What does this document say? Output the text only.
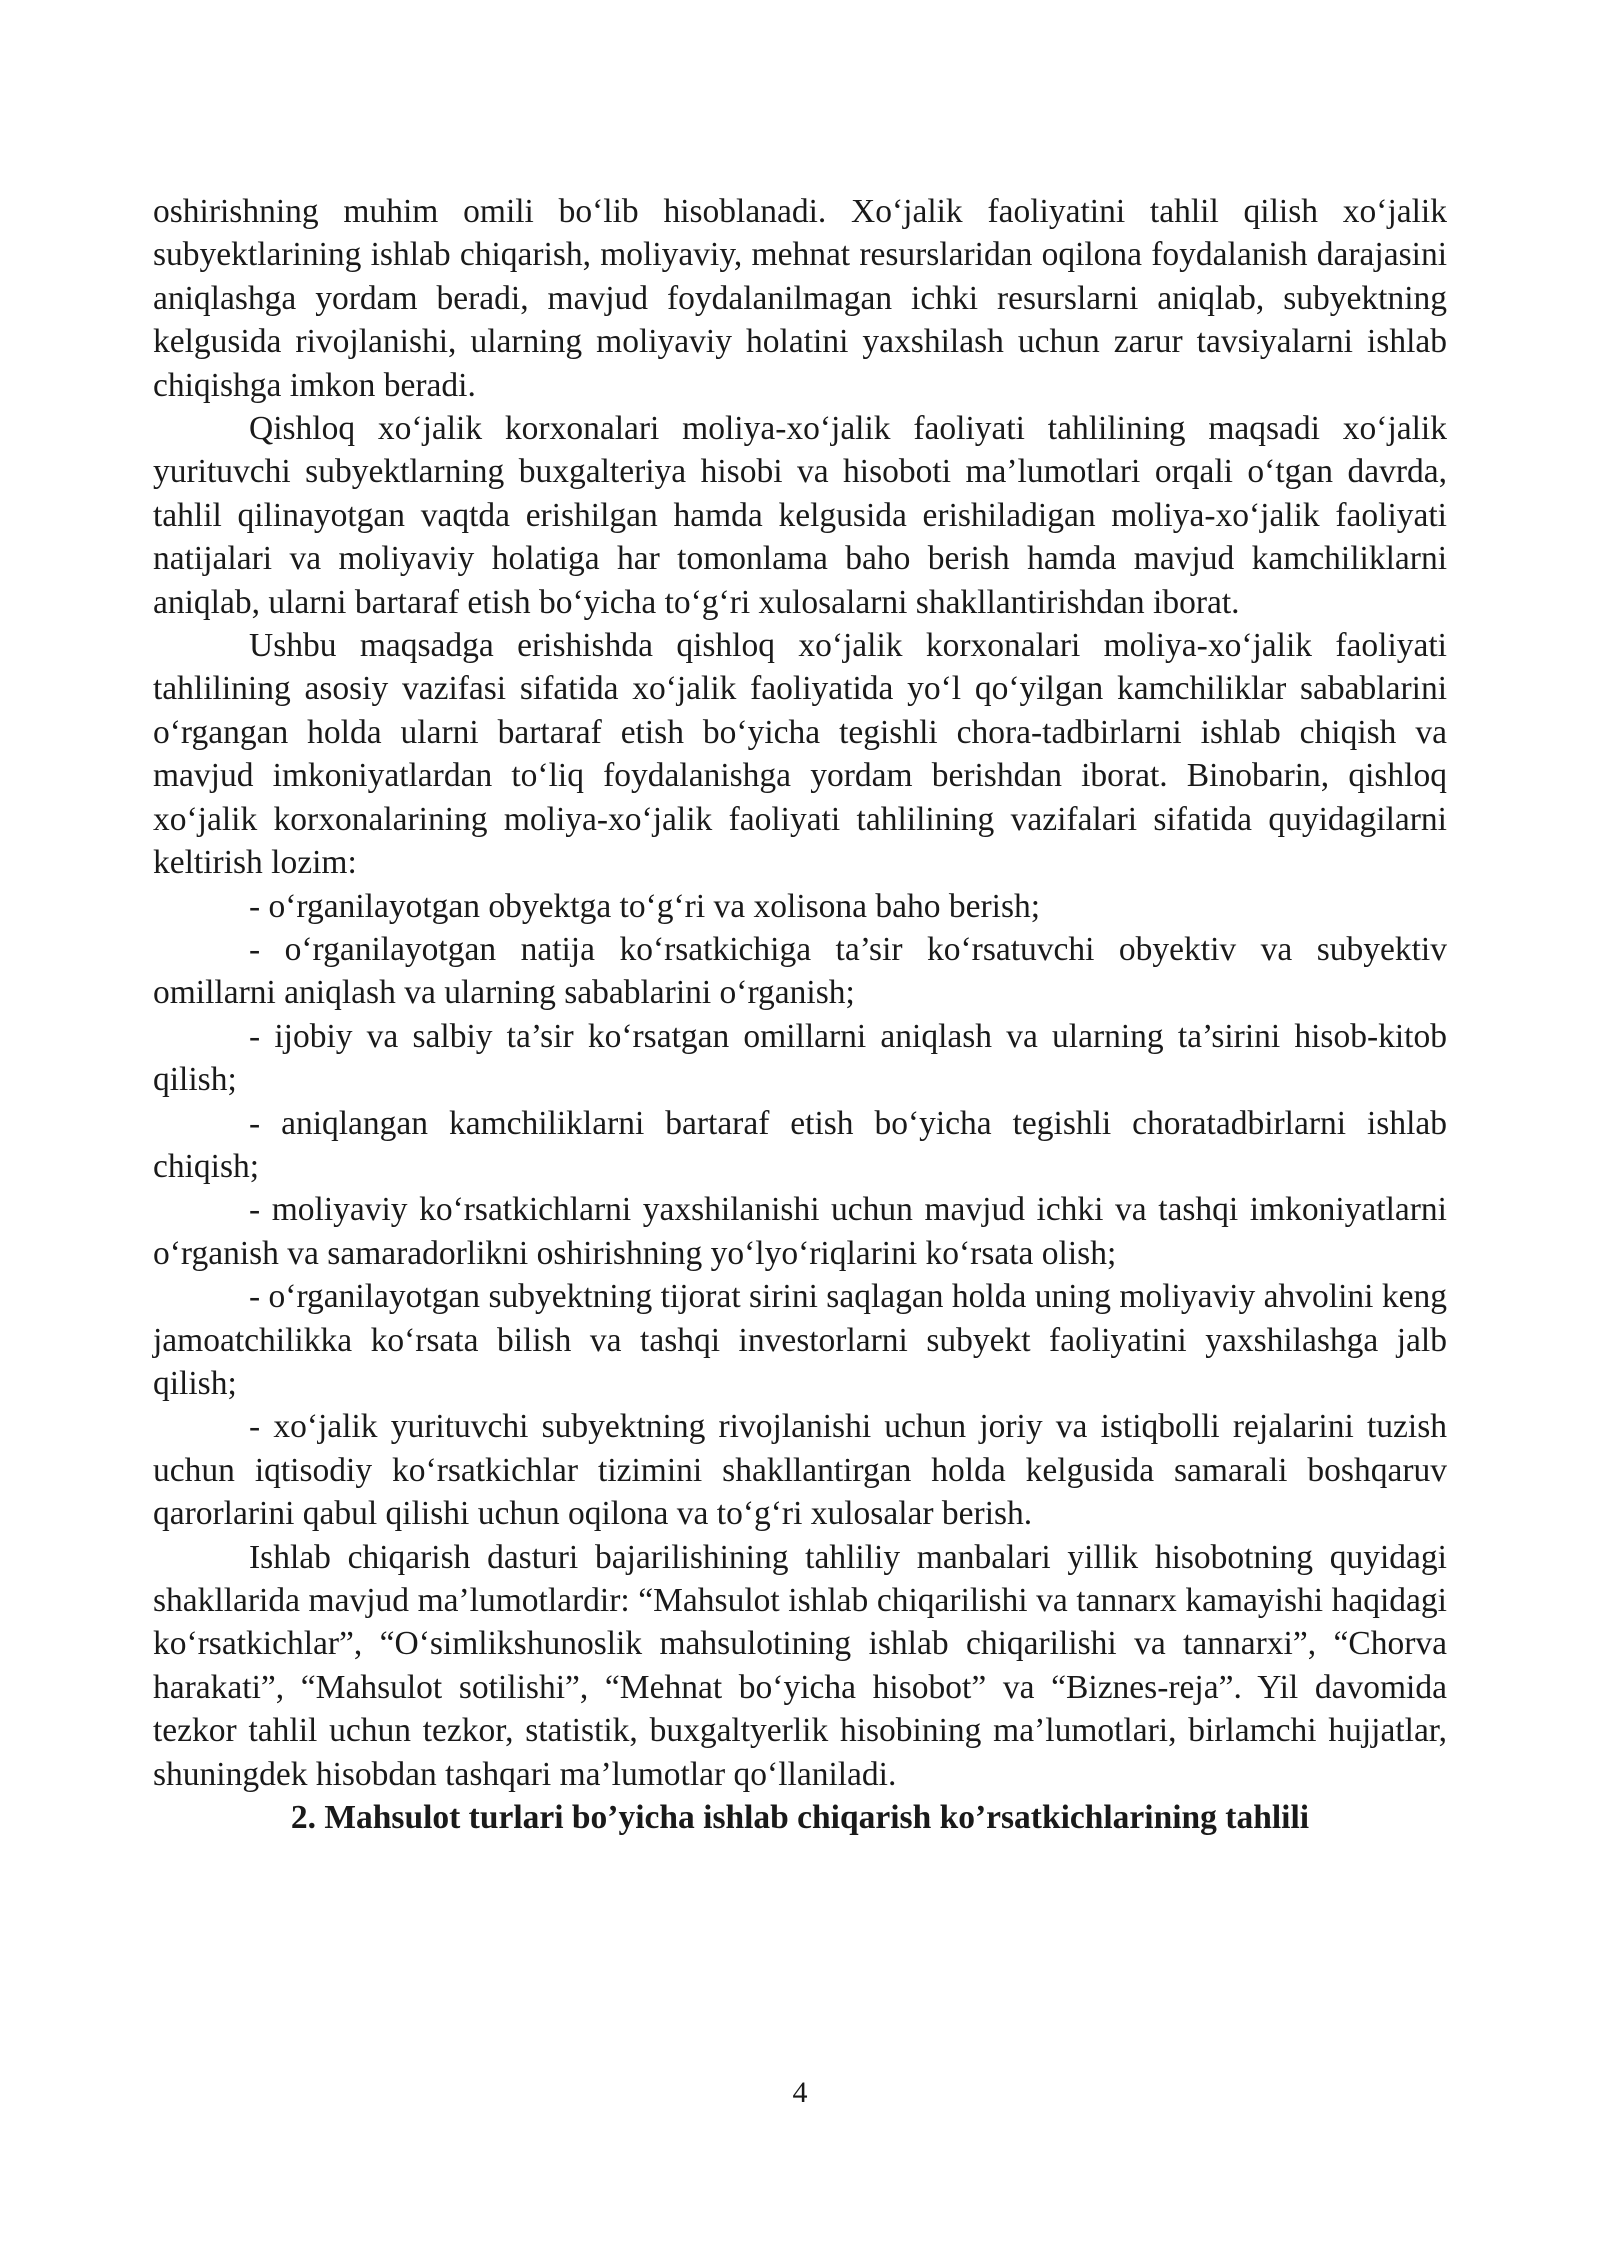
oshirishning muhim omili bo‘lib hisoblanadi. Xo‘jalik faoliyatini tahlil qilish xo‘jalik subyektlarining ishlab chiqarish, moliyaviy, mehnat resurslaridan oqilona foydalanish darajasini aniqlashga yordam beradi, mavjud foydalanilmagan ichki resurslarni aniqlab, subyektning kelgusida rivojlanishi, ularning moliyaviy holatini yaxshilash uchun zarur tavsiyalarni ishlab chiqishga imkon beradi.

Qishloq xo‘jalik korxonalari moliya-xo‘jalik faoliyati tahlilining maqsadi xo‘jalik yurituvchi subyektlarning buxgalteriya hisobi va hisoboti ma’lumotlari orqali o‘tgan davrda, tahlil qilinayotgan vaqtda erishilgan hamda kelgusida erishiladigan moliya-xo‘jalik faoliyati natijalari va moliyaviy holatiga har tomonlama baho berish hamda mavjud kamchiliklarni aniqlab, ularni bartaraf etish bo‘yicha to‘g‘ri xulosalarni shakllantirishdan iborat.

Ushbu maqsadga erishishda qishloq xo‘jalik korxonalari moliya-xo‘jalik faoliyati tahlilining asosiy vazifasi sifatida xo‘jalik faoliyatida yo‘l qo‘yilgan kamchiliklar sabablarini o‘rgangan holda ularni bartaraf etish bo‘yicha tegishli chora-tadbirlarni ishlab chiqish va mavjud imkoniyatlardan to‘liq foydalanishga yordam berishdan iborat. Binobarin, qishloq xo‘jalik korxonalarining moliya-xo‘jalik faoliyati tahlilining vazifalari sifatida quyidagilarni keltirish lozim:

- o‘rganilayotgan obyektga to‘g‘ri va xolisona baho berish;

- o‘rganilayotgan natija ko‘rsatkichiga ta’sir ko‘rsatuvchi obyektiv va subyektiv omillarni aniqlash va ularning sabablarini o‘rganish;

- ijobiy va salbiy ta’sir ko‘rsatgan omillarni aniqlash va ularning ta’sirini hisob-kitob qilish;

- aniqlangan kamchiliklarni bartaraf etish bo‘yicha tegishli choratadbirlarni ishlab chiqish;

- moliyaviy ko‘rsatkichlarni yaxshilanishi uchun mavjud ichki va tashqi imkoniyatlarni o‘rganish va samaradorlikni oshirishning yo‘lyo‘riqlarini ko‘rsata olish;

- o‘rganilayotgan subyektning tijorat sirini saqlagan holda uning moliyaviy ahvolini keng jamoatchilikka ko‘rsata bilish va tashqi investorlarni subyekt faoliyatini yaxshilashga jalb qilish;

- xo‘jalik yurituvchi subyektning rivojlanishi uchun joriy va istiqbolli rejalarini tuzish uchun iqtisodiy ko‘rsatkichlar tizimini shakllantirgan holda kelgusida samarali boshqaruv qarorlarini qabul qilishi uchun oqilona va to‘g‘ri xulosalar berish.

Ishlab chiqarish dasturi bajarilishining tahliliy manbalari yillik hisobotning quyidagi shakllarida mavjud ma’lumotlardir: “Mahsulot ishlab chiqarilishi va tannarx kamayishi haqidagi ko‘rsatkichlar”, “O‘simlikshunoslik mahsulotining ishlab chiqarilishi va tannarxi”, “Chorva harakati”, “Mahsulot sotilishi”, “Mehnat bo‘yicha hisobot” va “Biznes-reja”. Yil davomida tezkor tahlil uchun tezkor, statistik, buxgaltyerlik hisobining ma’lumotlari, birlamchi hujjatlar, shuningdek hisobdan tashqari ma’lumotlar qo‘llaniladi.

2. Mahsulot turlari bo’yicha ishlab chiqarish ko’rsatkichlarining tahlili
4
